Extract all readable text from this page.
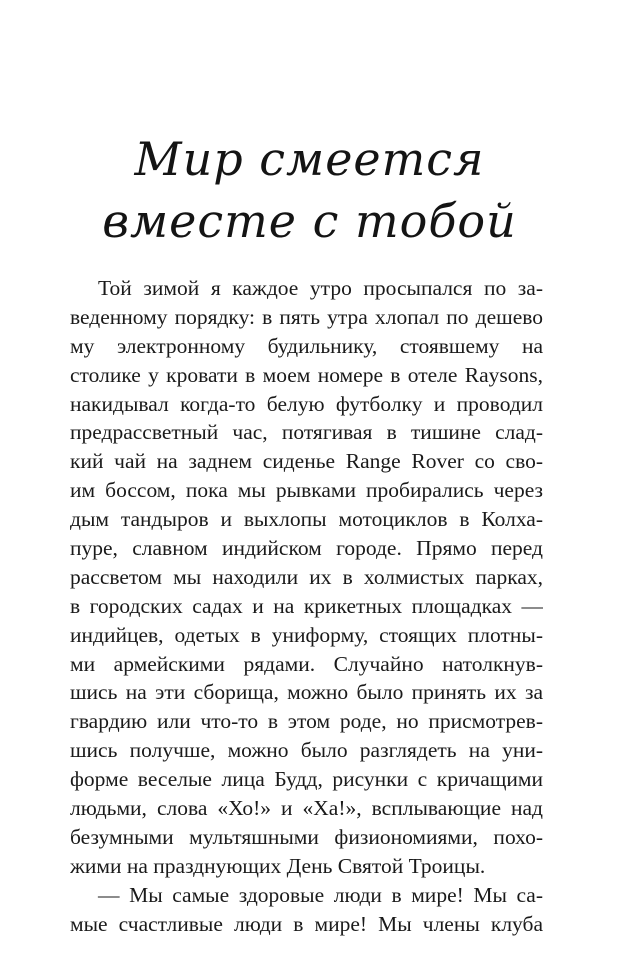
Мир смеется
вместе с тобой
Той зимой я каждое утро просыпался по за-
веденному порядку: в пять утра хлопал по дешево
му электронному будильнику, стоявшему на
столике у кровати в моем номере в отеле Raysons,
накидывал когда-то белую футболку и проводил
предрассветный час, потягивая в тишине слад-
кий чай на заднем сиденье Range Rover со сво-
им боссом, пока мы рывками пробирались через
дым тандыров и выхлопы мотоциклов в Колха-
пуре, славном индийском городе. Прямо перед
рассветом мы находили их в холмистых парках,
в городских садах и на крикетных площадках —
индийцев, одетых в униформу, стоящих плотны-
ми армейскими рядами. Случайно натолкнув-
шись на эти сборища, можно было принять их за
гвардию или что-то в этом роде, но присмотрев-
шись получше, можно было разглядеть на уни-
форме веселые лица Будд, рисунки с кричащими
людьми, слова «Хо!» и «Ха!», всплывающие над
безумными мультяшными физиономиями, похо-
жими на празднующих День Святой Троицы.
— Мы самые здоровые люди в мире! Мы са-
мые счастливые люди в мире! Мы члены клуба
